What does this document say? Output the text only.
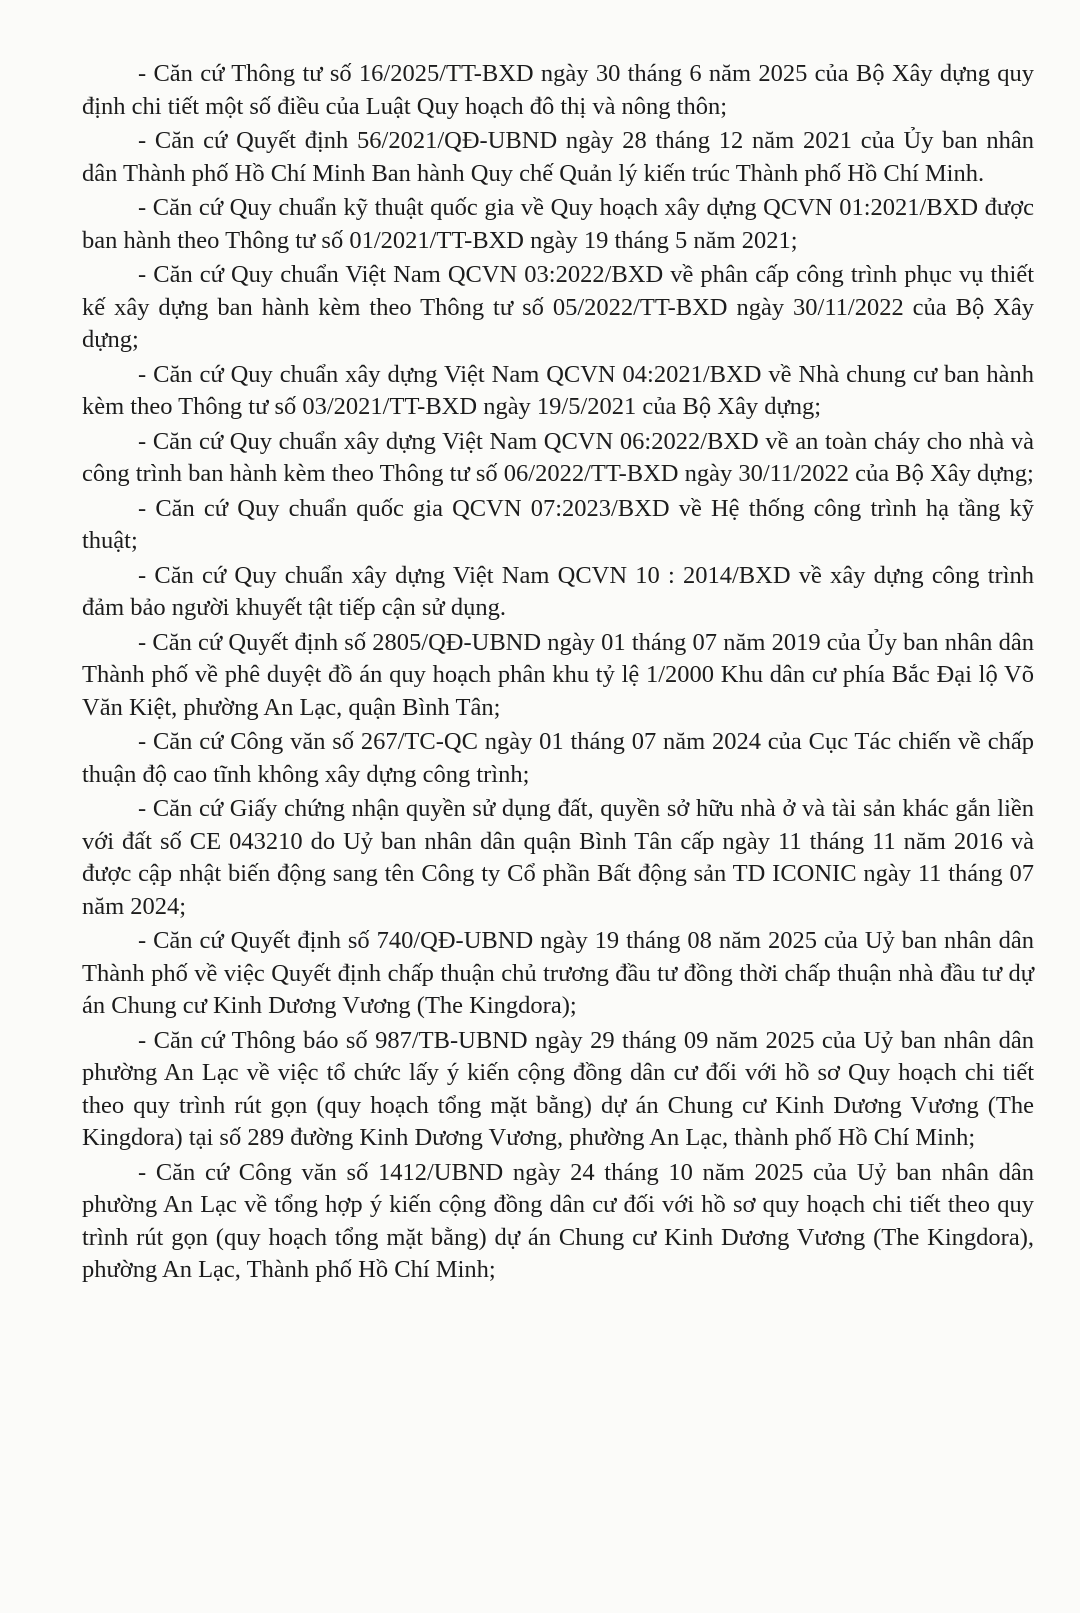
- Căn cứ Thông tư số 16/2025/TT-BXD ngày 30 tháng 6 năm 2025 của Bộ Xây dựng quy định chi tiết một số điều của Luật Quy hoạch đô thị và nông thôn;

- Căn cứ Quyết định 56/2021/QĐ-UBND ngày 28 tháng 12 năm 2021 của Ủy ban nhân dân Thành phố Hồ Chí Minh Ban hành Quy chế Quản lý kiến trúc Thành phố Hồ Chí Minh.

- Căn cứ Quy chuẩn kỹ thuật quốc gia về Quy hoạch xây dựng QCVN 01:2021/BXD được ban hành theo Thông tư số 01/2021/TT-BXD ngày 19 tháng 5 năm 2021;

- Căn cứ Quy chuẩn Việt Nam QCVN 03:2022/BXD về phân cấp công trình phục vụ thiết kế xây dựng ban hành kèm theo Thông tư số 05/2022/TT-BXD ngày 30/11/2022 của Bộ Xây dựng;

- Căn cứ Quy chuẩn xây dựng Việt Nam QCVN 04:2021/BXD về Nhà chung cư ban hành kèm theo Thông tư số 03/2021/TT-BXD ngày 19/5/2021 của Bộ Xây dựng;

- Căn cứ Quy chuẩn xây dựng Việt Nam QCVN 06:2022/BXD về an toàn cháy cho nhà và công trình ban hành kèm theo Thông tư số 06/2022/TT-BXD ngày 30/11/2022 của Bộ Xây dựng;

- Căn cứ Quy chuẩn quốc gia QCVN 07:2023/BXD về Hệ thống công trình hạ tầng kỹ thuật;

- Căn cứ Quy chuẩn xây dựng Việt Nam QCVN 10 : 2014/BXD về xây dựng công trình đảm bảo người khuyết tật tiếp cận sử dụng.

- Căn cứ Quyết định số 2805/QĐ-UBND ngày 01 tháng 07 năm 2019 của Ủy ban nhân dân Thành phố về phê duyệt đồ án quy hoạch phân khu tỷ lệ 1/2000 Khu dân cư phía Bắc Đại lộ Võ Văn Kiệt, phường An Lạc, quận Bình Tân;

- Căn cứ Công văn số 267/TC-QC ngày 01 tháng 07 năm 2024 của Cục Tác chiến về chấp thuận độ cao tĩnh không xây dựng công trình;

- Căn cứ Giấy chứng nhận quyền sử dụng đất, quyền sở hữu nhà ở và tài sản khác gắn liền với đất số CE 043210 do Uỷ ban nhân dân quận Bình Tân cấp ngày 11 tháng 11 năm 2016 và được cập nhật biến động sang tên Công ty Cổ phần Bất động sản TD ICONIC ngày 11 tháng 07 năm 2024;

- Căn cứ Quyết định số 740/QĐ-UBND ngày 19 tháng 08 năm 2025 của Uỷ ban nhân dân Thành phố về việc Quyết định chấp thuận chủ trương đầu tư đồng thời chấp thuận nhà đầu tư dự án Chung cư Kinh Dương Vương (The Kingdora);

- Căn cứ Thông báo số 987/TB-UBND ngày 29 tháng 09 năm 2025 của Uỷ ban nhân dân phường An Lạc về việc tổ chức lấy ý kiến cộng đồng dân cư đối với hồ sơ Quy hoạch chi tiết theo quy trình rút gọn (quy hoạch tổng mặt bằng) dự án Chung cư Kinh Dương Vương (The Kingdora) tại số 289 đường Kinh Dương Vương, phường An Lạc, thành phố Hồ Chí Minh;

- Căn cứ Công văn số 1412/UBND ngày 24 tháng 10 năm 2025 của Uỷ ban nhân dân phường An Lạc về tổng hợp ý kiến cộng đồng dân cư đối với hồ sơ quy hoạch chi tiết theo quy trình rút gọn (quy hoạch tổng mặt bằng) dự án Chung cư Kinh Dương Vương (The Kingdora), phường An Lạc, Thành phố Hồ Chí Minh;
